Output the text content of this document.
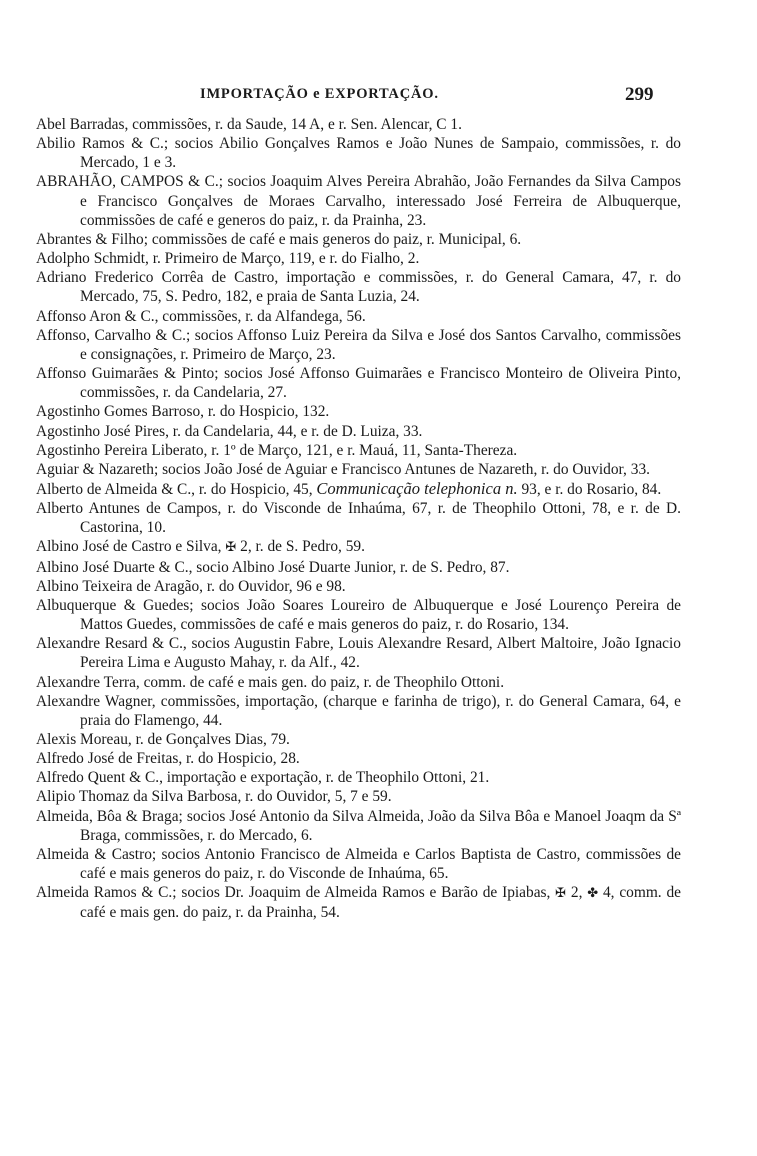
IMPORTAÇÃO e EXPORTAÇÃO.	299

Abel Barradas, commissões, r. da Saude, 14 A, e r. Sen. Alencar, C 1.

Abilio Ramos & C.; socios Abilio Gonçalves Ramos e João Nunes de Sampaio, commissões, r. do Mercado, 1 e 3.

ABRAHÃO, CAMPOS & C.; socios Joaquim Alves Pereira Abrahão, João Fernandes da Silva Campos e Francisco Gonçalves de Moraes Carvalho, interessado José Ferreira de Albuquerque, commissões de café e generos do paiz, r. da Prainha, 23.

Abrantes & Filho; commissões de café e mais generos do paiz, r. Municipal, 6.

Adolpho Schmidt, r. Primeiro de Março, 119, e r. do Fialho, 2.

Adriano Frederico Corrêa de Castro, importação e commissões, r. do General Camara, 47, r. do Mercado, 75, S. Pedro, 182, e praia de Santa Luzia, 24.

Affonso Aron & C., commissões, r. da Alfandega, 56.

Affonso, Carvalho & C.; socios Affonso Luiz Pereira da Silva e José dos Santos Carvalho, commissões e consignações, r. Primeiro de Março, 23.

Affonso Guimarães & Pinto; socios José Affonso Guimarães e Francisco Monteiro de Oliveira Pinto, commissões, r. da Candelaria, 27.

Agostinho Gomes Barroso, r. do Hospicio, 132.

Agostinho José Pires, r. da Candelaria, 44, e r. de D. Luiza, 33.

Agostinho Pereira Liberato, r. 1º de Março, 121, e r. Mauá, 11, Santa-Thereza.

Aguiar & Nazareth; socios João José de Aguiar e Francisco Antunes de Nazareth, r. do Ouvidor, 33.

Alberto de Almeida & C., r. do Hospicio, 45, Communicação telephonica n. 93, e r. do Rosario, 84.

Alberto Antunes de Campos, r. do Visconde de Inhaúma, 67, r. de Theophilo Ottoni, 78, e r. de D. Castorina, 10.

Albino José de Castro e Silva, ✠ 2, r. de S. Pedro, 59.

Albino José Duarte & C., socio Albino José Duarte Junior, r. de S. Pedro, 87.

Albino Teixeira de Aragão, r. do Ouvidor, 96 e 98.

Albuquerque & Guedes; socios João Soares Loureiro de Albuquerque e José Lourenço Pereira de Mattos Guedes, commissões de café e mais generos do paiz, r. do Rosario, 134.

Alexandre Resard & C., socios Augustin Fabre, Louis Alexandre Resard, Albert Maltoire, João Ignacio Pereira Lima e Augusto Mahay, r. da Alf., 42.

Alexandre Terra, comm. de café e mais gen. do paiz, r. de Theophilo Ottoni.

Alexandre Wagner, commissões, importação, (charque e farinha de trigo), r. do General Camara, 64, e praia do Flamengo, 44.

Alexis Moreau, r. de Gonçalves Dias, 79.

Alfredo José de Freitas, r. do Hospicio, 28.

Alfredo Quent & C., importação e exportação, r. de Theophilo Ottoni, 21.

Alipio Thomaz da Silva Barbosa, r. do Ouvidor, 5, 7 e 59.

Almeida, Bôa & Braga; socios José Antonio da Silva Almeida, João da Silva Bôa e Manoel Joaqm da Sª Braga, commissões, r. do Mercado, 6.

Almeida & Castro; socios Antonio Francisco de Almeida e Carlos Baptista de Castro, commissões de café e mais generos do paiz, r. do Visconde de Inhaúma, 65.

Almeida Ramos & C.; socios Dr. Joaquim de Almeida Ramos e Barão de Ipiabas, ✠ 2, ✤ 4, comm. de café e mais gen. do paiz, r. da Prainha, 54.
